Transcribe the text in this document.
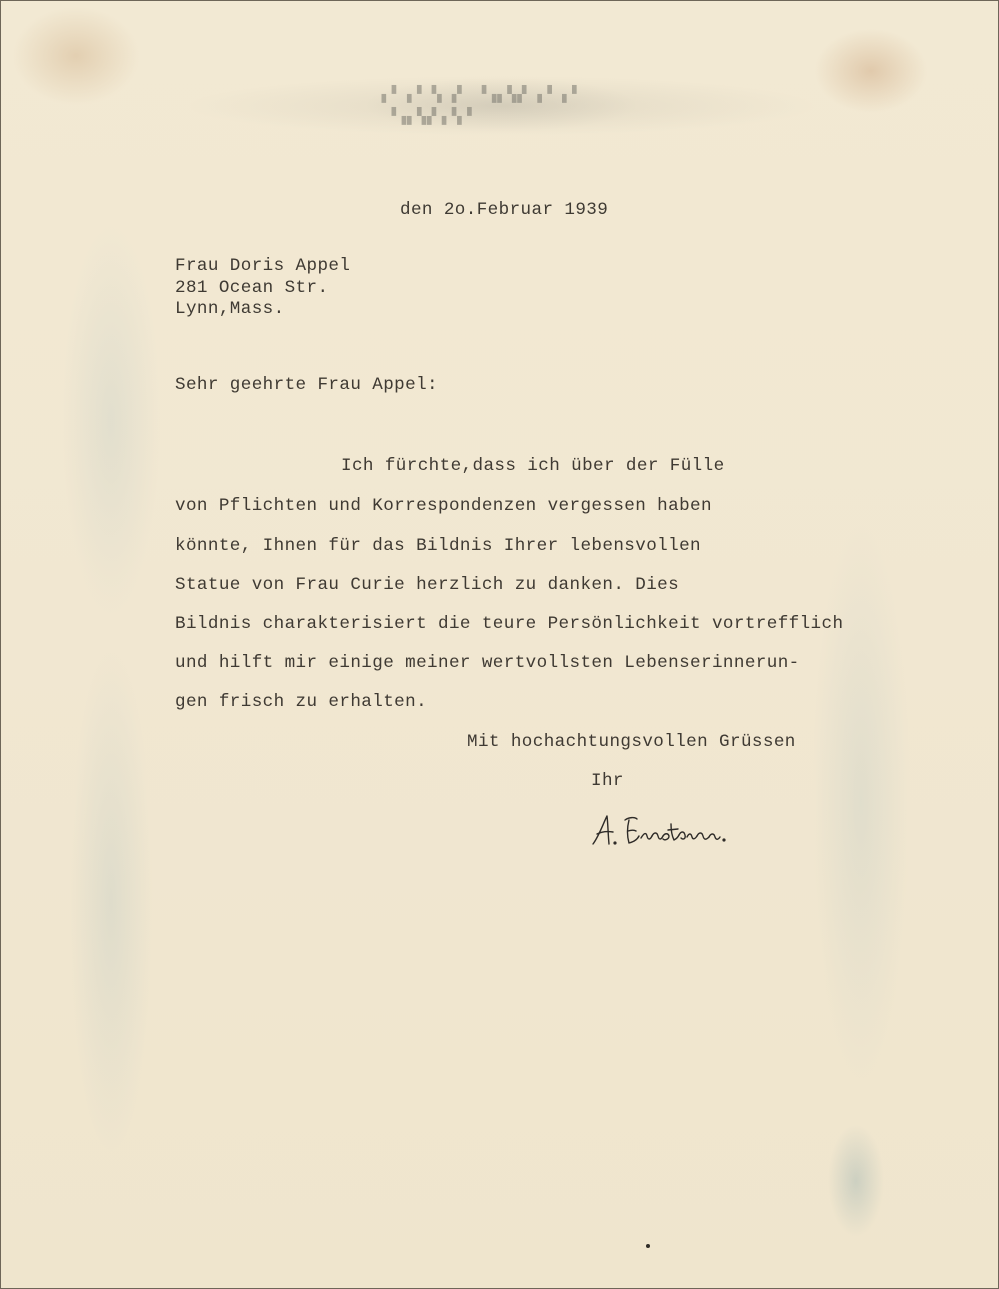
▘▖▝▗ ▚▞▗▖▘ ▝▖▗▘▝▗ ▘▖
▝▗▘▖▚▞▗▖▘
den 2o.Februar 1939
Frau Doris Appel
281 Ocean Str.
Lynn,Mass.
Sehr geehrte Frau Appel:
Ich fürchte,dass ich über der Fülle
von Pflichten und Korrespondenzen vergessen haben
könnte, Ihnen für das Bildnis Ihrer lebensvollen
Statue von Frau Curie herzlich zu danken. Dies
Bildnis charakterisiert die teure Persönlichkeit vortrefflich
und hilft mir einige meiner wertvollsten Lebenserinnerun-
gen frisch zu erhalten.
Mit hochachtungsvollen Grüssen
Ihr
